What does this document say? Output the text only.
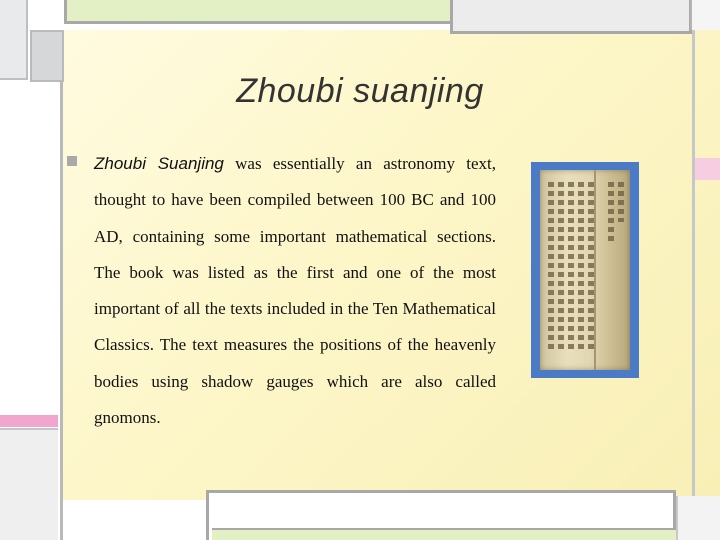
Zhoubi suanjing
Zhoubi Suanjing was essentially an astronomy text, thought to have been compiled between 100 BC and 100 AD, containing some important mathematical sections. The book was listed as the first and one of the most important of all the texts included in the Ten Mathematical Classics. The text measures the positions of the heavenly bodies using shadow gauges which are also called gnomons.
